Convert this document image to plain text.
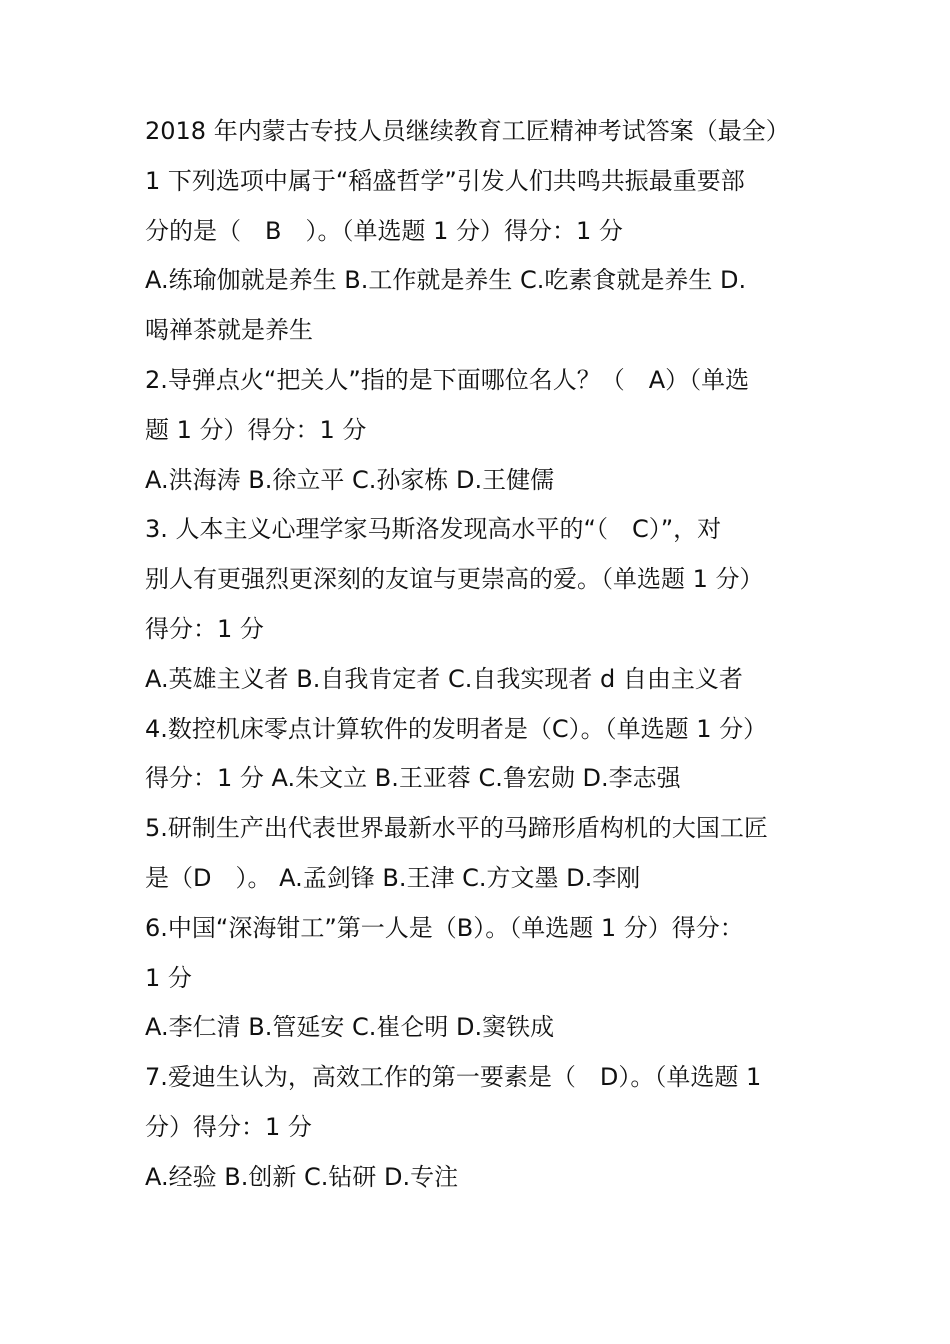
2018 年内蒙古专技人员继续教育工匠精神考试答案（最全）
1 下列选项中属于“稻盛哲学”引发人们共鸣共振最重要部
分的是（　B　）。（单选题 1 分）得分：1 分
A.练瑜伽就是养生 B.工作就是养生 C.吃素食就是养生 D.
喝禅茶就是养生
2.导弹点火“把关人”指的是下面哪位名人？（　A）（单选
题 1 分）得分：1 分
A.洪海涛 B.徐立平 C.孙家栋 D.王健儒
3. 人本主义心理学家马斯洛发现高水平的“（　C）”，对
别人有更强烈更深刻的友谊与更崇高的爱。（单选题 1 分）
得分：1 分
A.英雄主义者 B.自我肯定者 C.自我实现者 d 自由主义者
4.数控机床零点计算软件的发明者是（C）。（单选题 1 分）
得分：1 分 A.朱文立 B.王亚蓉 C.鲁宏勋 D.李志强
5.研制生产出代表世界最新水平的马蹄形盾构机的大国工匠
是（D　）。 A.孟剑锋 B.王津 C.方文墨 D.李刚
6.中国“深海钳工”第一人是（B）。（单选题 1 分）得分：
1 分
A.李仁清 B.管延安 C.崔仑明 D.窦铁成
7.爱迪生认为，高效工作的第一要素是（　D）。（单选题 1
分）得分：1 分
A.经验 B.创新 C.钻研 D.专注
